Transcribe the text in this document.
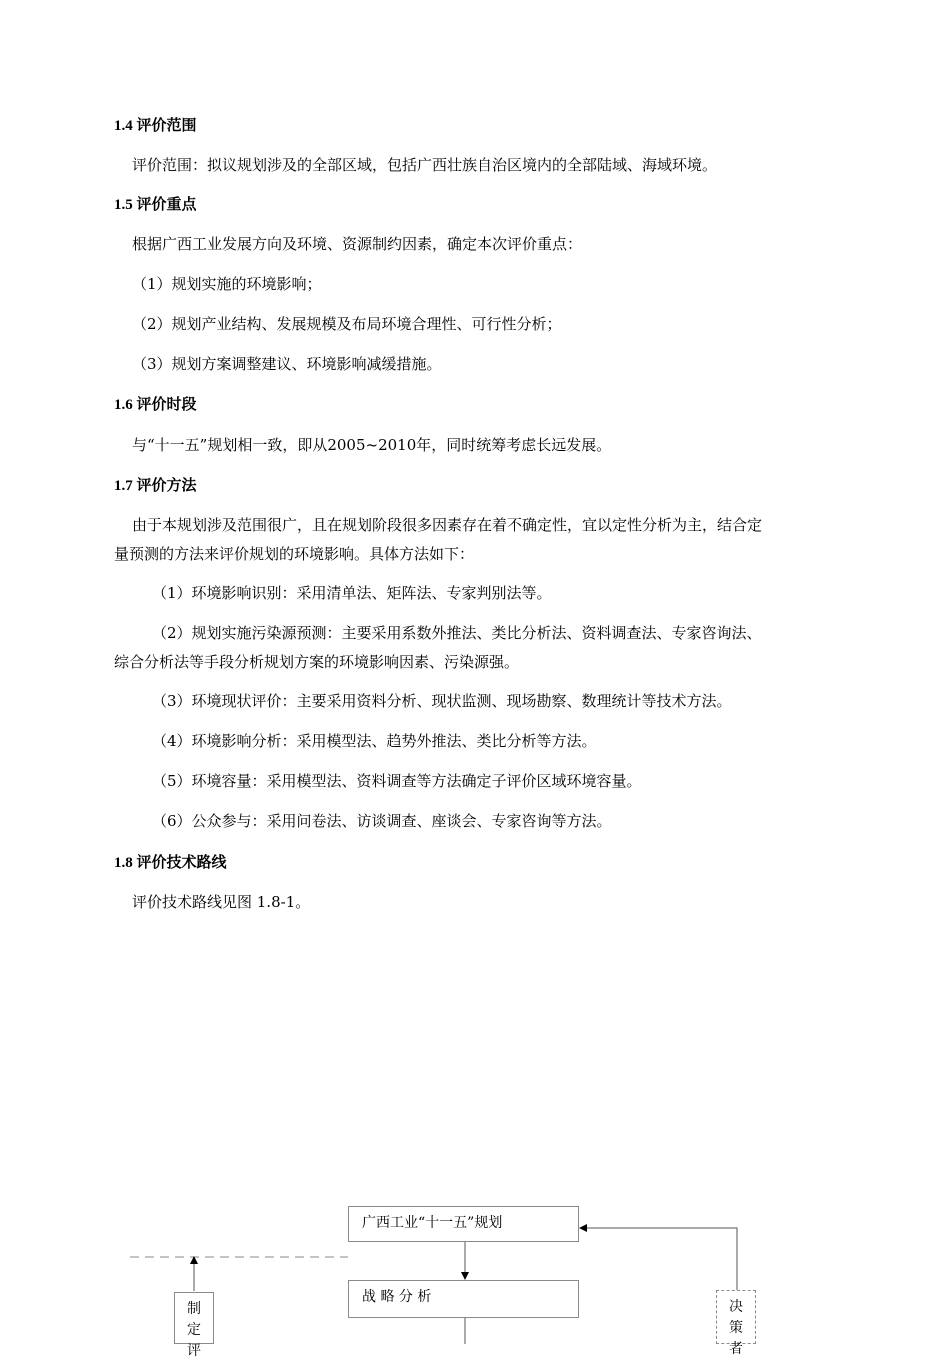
1.4 评价范围

评价范围：拟议规划涉及的全部区域，包括广西壮族自治区境内的全部陆域、海域环境。

1.5 评价重点

根据广西工业发展方向及环境、资源制约因素，确定本次评价重点：

（1）规划实施的环境影响；

（2）规划产业结构、发展规模及布局环境合理性、可行性分析；

（3）规划方案调整建议、环境影响减缓措施。

1.6 评价时段

与“十一五”规划相一致，即从2005~2010年，同时统筹考虑长远发展。

1.7 评价方法

由于本规划涉及范围很广，且在规划阶段很多因素存在着不确定性，宜以定性分析为主，结合定

量预测的方法来评价规划的环境影响。具体方法如下：

（1）环境影响识别：采用清单法、矩阵法、专家判别法等。

（2）规划实施污染源预测：主要采用系数外推法、类比分析法、资料调查法、专家咨询法、

综合分析法等手段分析规划方案的环境影响因素、污染源强。

（3）环境现状评价：主要采用资料分析、现状监测、现场勘察、数理统计等技术方法。

（4）环境影响分析：采用模型法、趋势外推法、类比分析等方法。

（5）环境容量：采用模型法、资料调查等方法确定子评价区域环境容量。

（6）公众参与：采用问卷法、访谈调查、座谈会、专家咨询等方法。

1.8 评价技术路线

评价技术路线见图 1.8-1。

广西工业“十一五”规划
战 略 分 析
制
定
评
决
策
者
